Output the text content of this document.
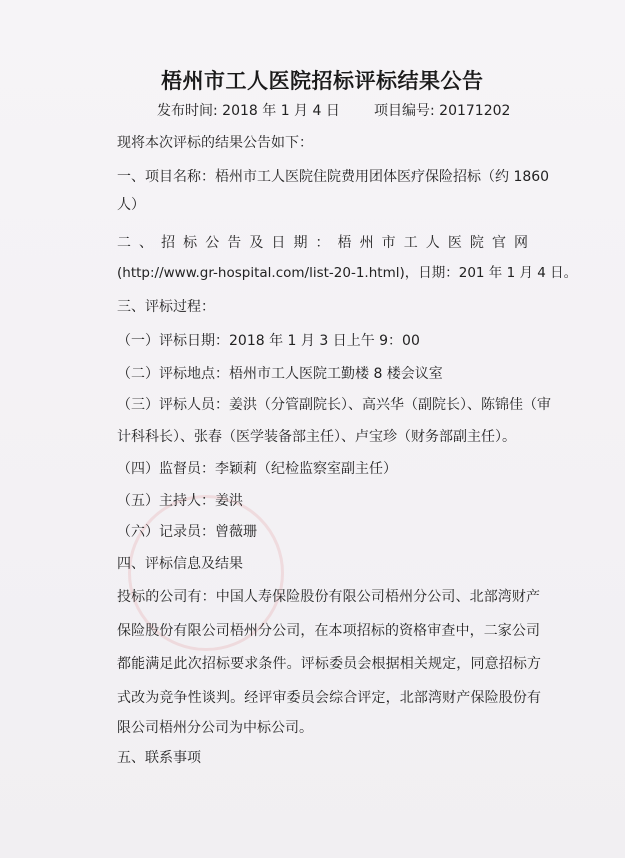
梧州市工人医院招标评标结果公告
发布时间: 2018 年 1 月 4 日 项目编号: 20171202
现将本次评标的结果公告如下：
一、项目名称：梧州市工人医院住院费用团体医疗保险招标（约 1860
人）
二、招标公告及日期：梧州市工人医院官网
(http://www.gr-hospital.com/list-20-1.html)，日期：201 年 1 月 4 日。
三、评标过程：
（一）评标日期：2018 年 1 月 3 日上午 9：00
（二）评标地点：梧州市工人医院工勤楼 8 楼会议室
（三）评标人员：姜洪（分管副院长）、高兴华（副院长）、陈锦佳（审
计科科长）、张春（医学装备部主任）、卢宝珍（财务部副主任）。
（四）监督员：李颖莉（纪检监察室副主任）
（五）主持人：姜洪
（六）记录员：曾薇珊
四、评标信息及结果
投标的公司有：中国人寿保险股份有限公司梧州分公司、北部湾财产
保险股份有限公司梧州分公司，在本项招标的资格审查中，二家公司
都能满足此次招标要求条件。评标委员会根据相关规定，同意招标方
式改为竞争性谈判。经评审委员会综合评定，北部湾财产保险股份有
限公司梧州分公司为中标公司。
五、联系事项
